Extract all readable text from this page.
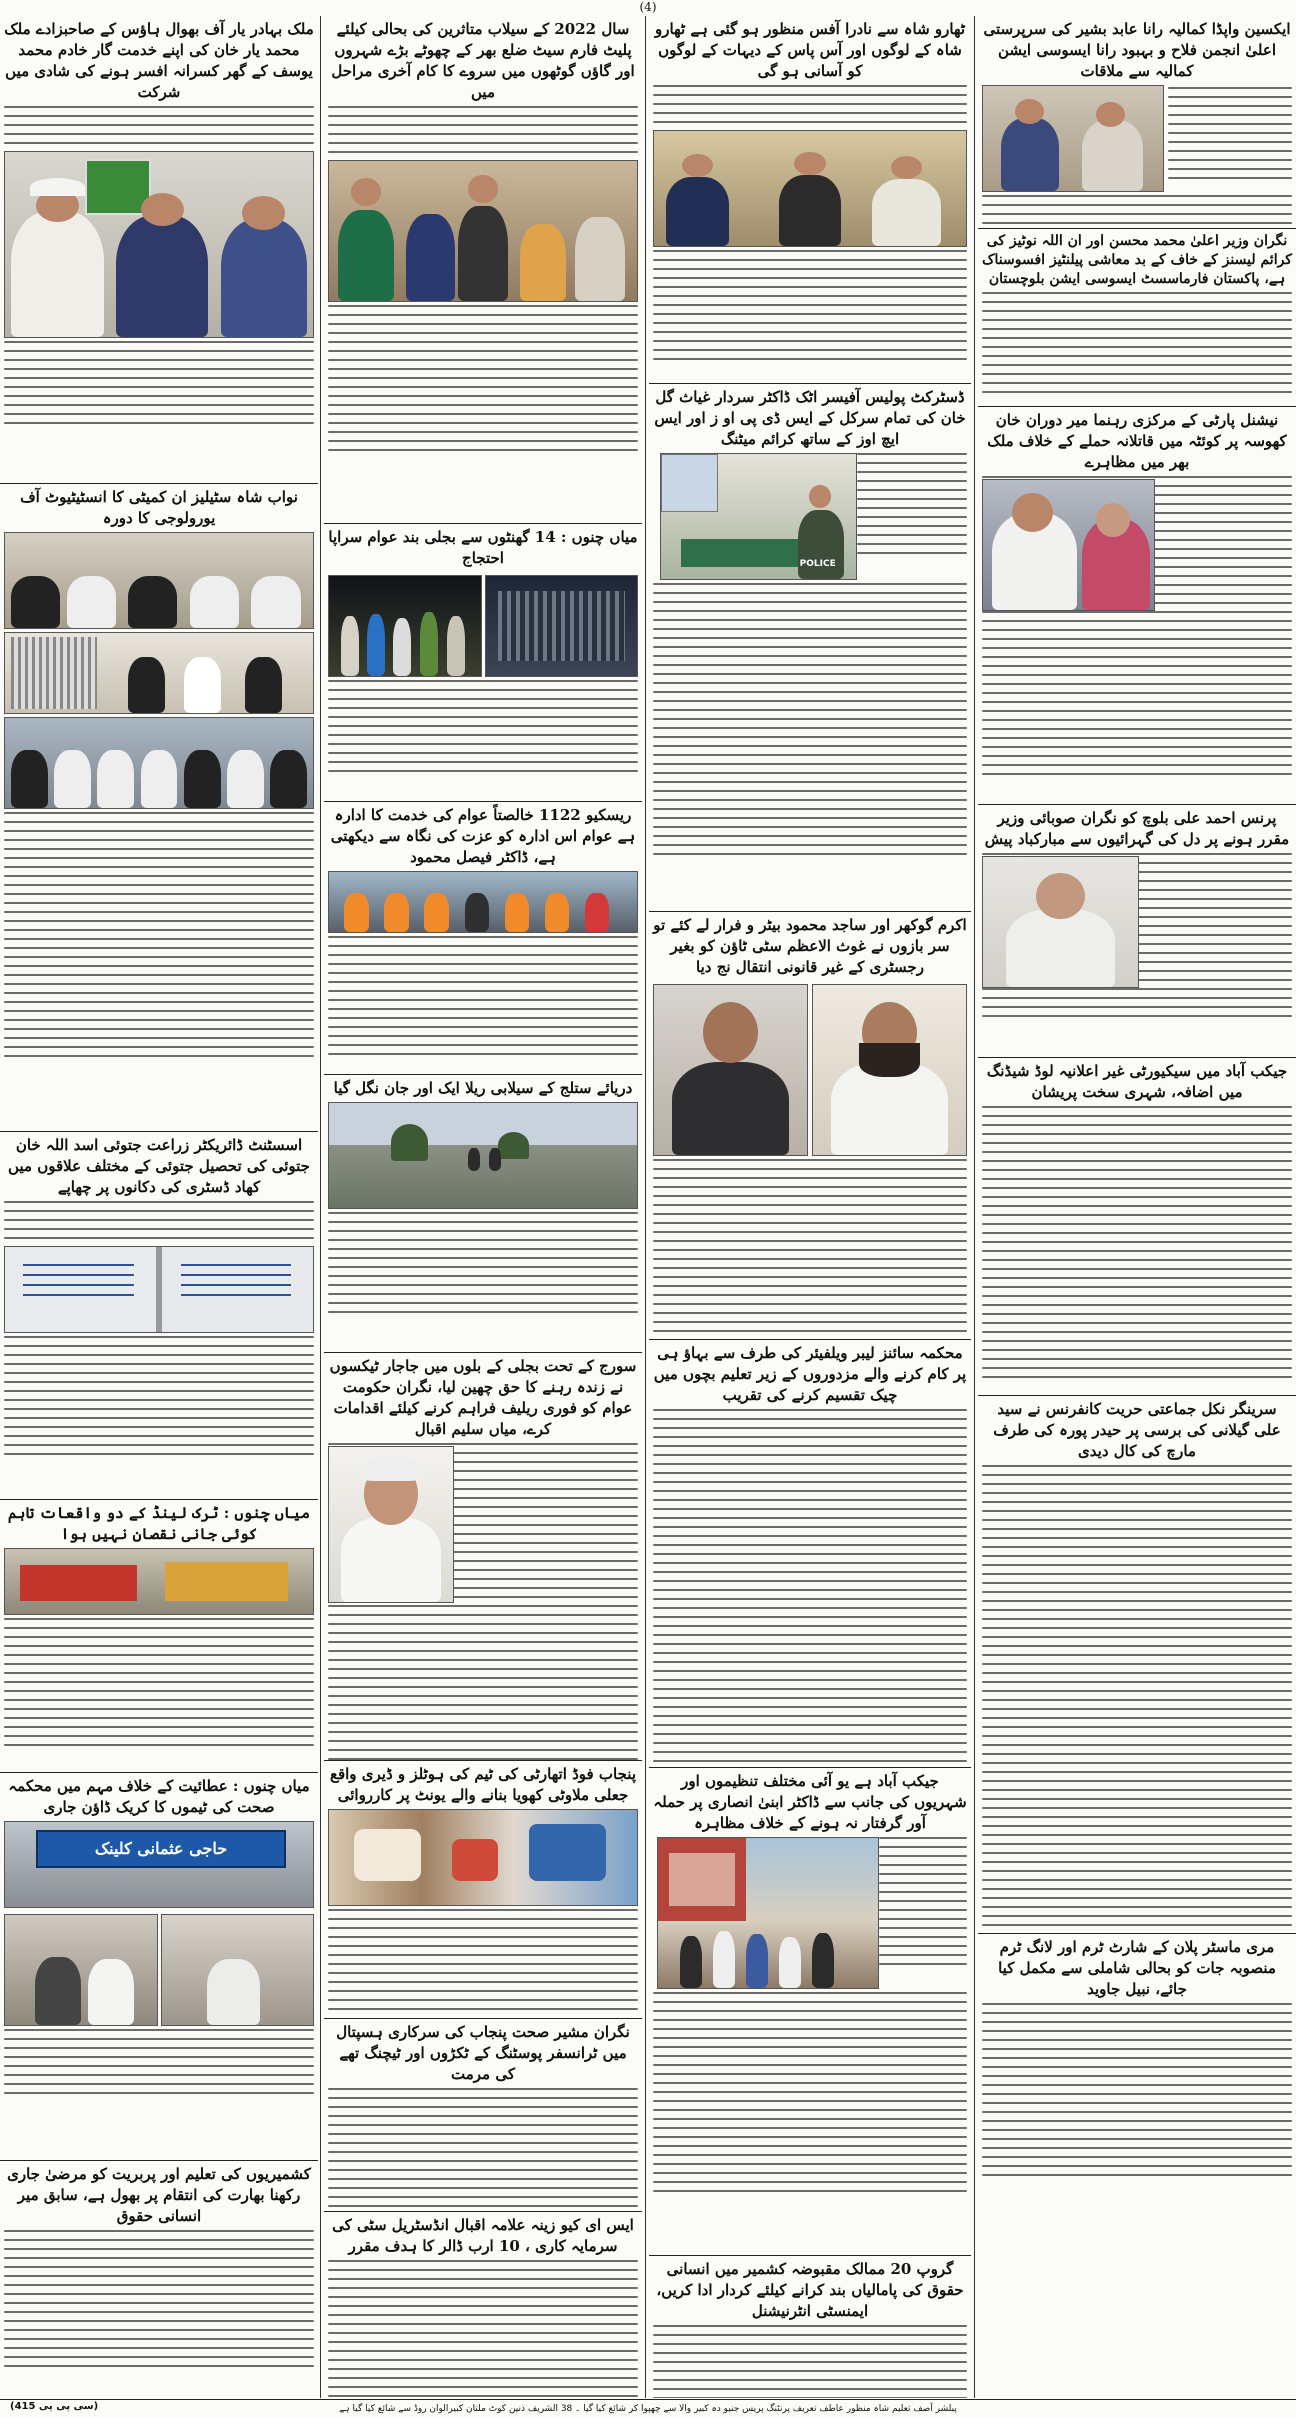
(4)
ایکسین واپڈا کمالیہ رانا عابد بشیر کی سرپرستی اعلیٰ انجمن فلاح و بہبود رانا ایسوسی ایشن کمالیہ سے ملاقات
نگران وزیر اعلیٰ محمد محسن اور ان اللہ نوٹیز کی کرائم لیسنز کے خاف کے بد معاشی پیلنٹیز افسوسناک ہے، پاکستان فارماسسٹ ایسوسی ایشن بلوچستان
نیشنل پارٹی کے مرکزی رہنما میر دوران خان کھوسہ پر کوئٹہ میں قاتلانہ حملے کے خلاف ملک بھر میں مظاہرے
پرنس احمد علی بلوچ کو نگران صوبائی وزیر مقرر ہونے پر دل کی گہرائیوں سے مبارکباد پیش
جیکب آباد میں سیکیورٹی غیر اعلانیہ لوڈ شیڈنگ میں اضافہ، شہری سخت پریشان
سرینگر نکل جماعتی حریت کانفرنس نے سید علی گیلانی کی برسی پر حیدر پورہ کی طرف مارچ کی کال دیدی
مری ماسٹر پلان کے شارٹ ٹرم اور لانگ ٹرم منصوبہ جات کو بحالی شاملی سے مکمل کیا جائے، نبیل جاوید
ٹھارو شاہ سے نادرا آفس منظور ہو گئی ہے ٹھارو شاہ کے لوگوں اور آس پاس کے دیہات کے لوگوں کو آسانی ہو گی
ڈسٹرکٹ پولیس آفیسر اٹک ڈاکٹر سردار غیاث گل خان کی تمام سرکل کے ایس ڈی پی او ز اور ایس ایچ اوز کے ساتھ کرائم میٹنگ
POLICE
اکرم گوکھر اور ساجد محمود بیٹر و فرار لے کئے تو سر بازوں نے غوث الاعظم سٹی ٹاؤن کو بغیر رجسٹری کے غیر قانونی انتقال نج دیا
محکمہ سائنز لیبر ویلفیئر کی طرف سے بہاؤ ہی پر کام کرنے والے مزدوروں کے زیر تعلیم بچوں میں چیک تقسیم کرنے کی تقریب
جیکب آباد ہے یو آئی مختلف تنظیموں اور شہریوں کی جانب سے ڈاکٹر ابنیٰ انصاری پر حملہ آور گرفتار نہ ہونے کے خلاف مظاہرہ
گروپ 20 ممالک مقبوضہ کشمیر میں انسانی حقوق کی پامالیاں بند کرانے کیلئے کردار ادا کریں، ایمنسٹی انٹرنیشنل
سال 2022 کے سیلاب متاثرین کی بحالی کیلئے پلیٹ فارم سیٹ ضلع بھر کے چھوٹے بڑے شہروں اور گاؤں گوٹھوں میں سروے کا کام آخری مراحل میں
میاں چنوں : 14 گھنٹوں سے بجلی بند عوام سراپا احتجاج
ریسکیو 1122 خالصتاً عوام کی خدمت کا ادارہ ہے عوام اس ادارہ کو عزت کی نگاہ سے دیکھتی ہے، ڈاکٹر فیصل محمود
دریائے ستلج کے سیلابی ریلا ایک اور جان نگل گیا
سورج کے تحت بجلی کے بلوں میں جاجار ٹیکسوں نے زندہ رہنے کا حق چھین لیا، نگران حکومت عوام کو فوری ریلیف فراہم کرنے کیلئے اقدامات کرے، میاں سلیم اقبال
پنجاب فوڈ اتھارٹی کی ٹیم کی ہوٹلز و ڈیری واقع جعلی ملاوٹی کھویا بنانے والے یونٹ پر کارروائی
نگران مشیر صحت پنجاب کی سرکاری ہسپتال میں ٹرانسفر پوسٹنگ کے ٹکڑوں اور ٹیچنگ تھے کی مرمت
ایس ای کیو زینہ علامہ اقبال انڈسٹریل سٹی کی سرمایہ کاری ، 10 ارب ڈالر کا ہدف مقرر
ملک بہادر یار آف بھوال ہاؤس کے صاحبزادے ملک محمد یار خان کی اپنے خدمت گار خادم محمد یوسف کے گھر کسرانہ افسر ہونے کی شادی میں شرکت
نواب شاہ سٹیلیز ان کمیٹی کا انسٹیٹیوٹ آف یورولوجی کا دورہ
اسسٹنٹ ڈائریکٹر زراعت جتوئی اسد اللہ خان جتوئی کی تحصیل جتوئی کے مختلف علاقوں میں کھاد ڈسٹری کی دکانوں پر چھاپے
میاں چنوں : ٹرک لینڈ کے دو واقعات تاہم کوئی جانی نقصان نہیں ہوا
میاں چنوں : عطائیت کے خلاف مہم میں محکمہ صحت کی ٹیموں کا کریک ڈاؤن جاری
حاجی عثمانی کلینک
کشمیریوں کی تعلیم اور پربریت کو مرضیٰ جاری رکھنا بھارت کی انتقام پر بھول ہے، سابق میر انسانی حقوق
پبلشر آصف تعلیم شاہ منظور عاطف تعریف پرنٹنگ پریس جنیو دہ کبیر والا سے چھپوا کر شائع کیا گیا ۔ 38 الشریف ذنین کوٹ ملتان کبیرالوان روڈ سے شائع کیا گیا ہے
(سی پی پی 415)
